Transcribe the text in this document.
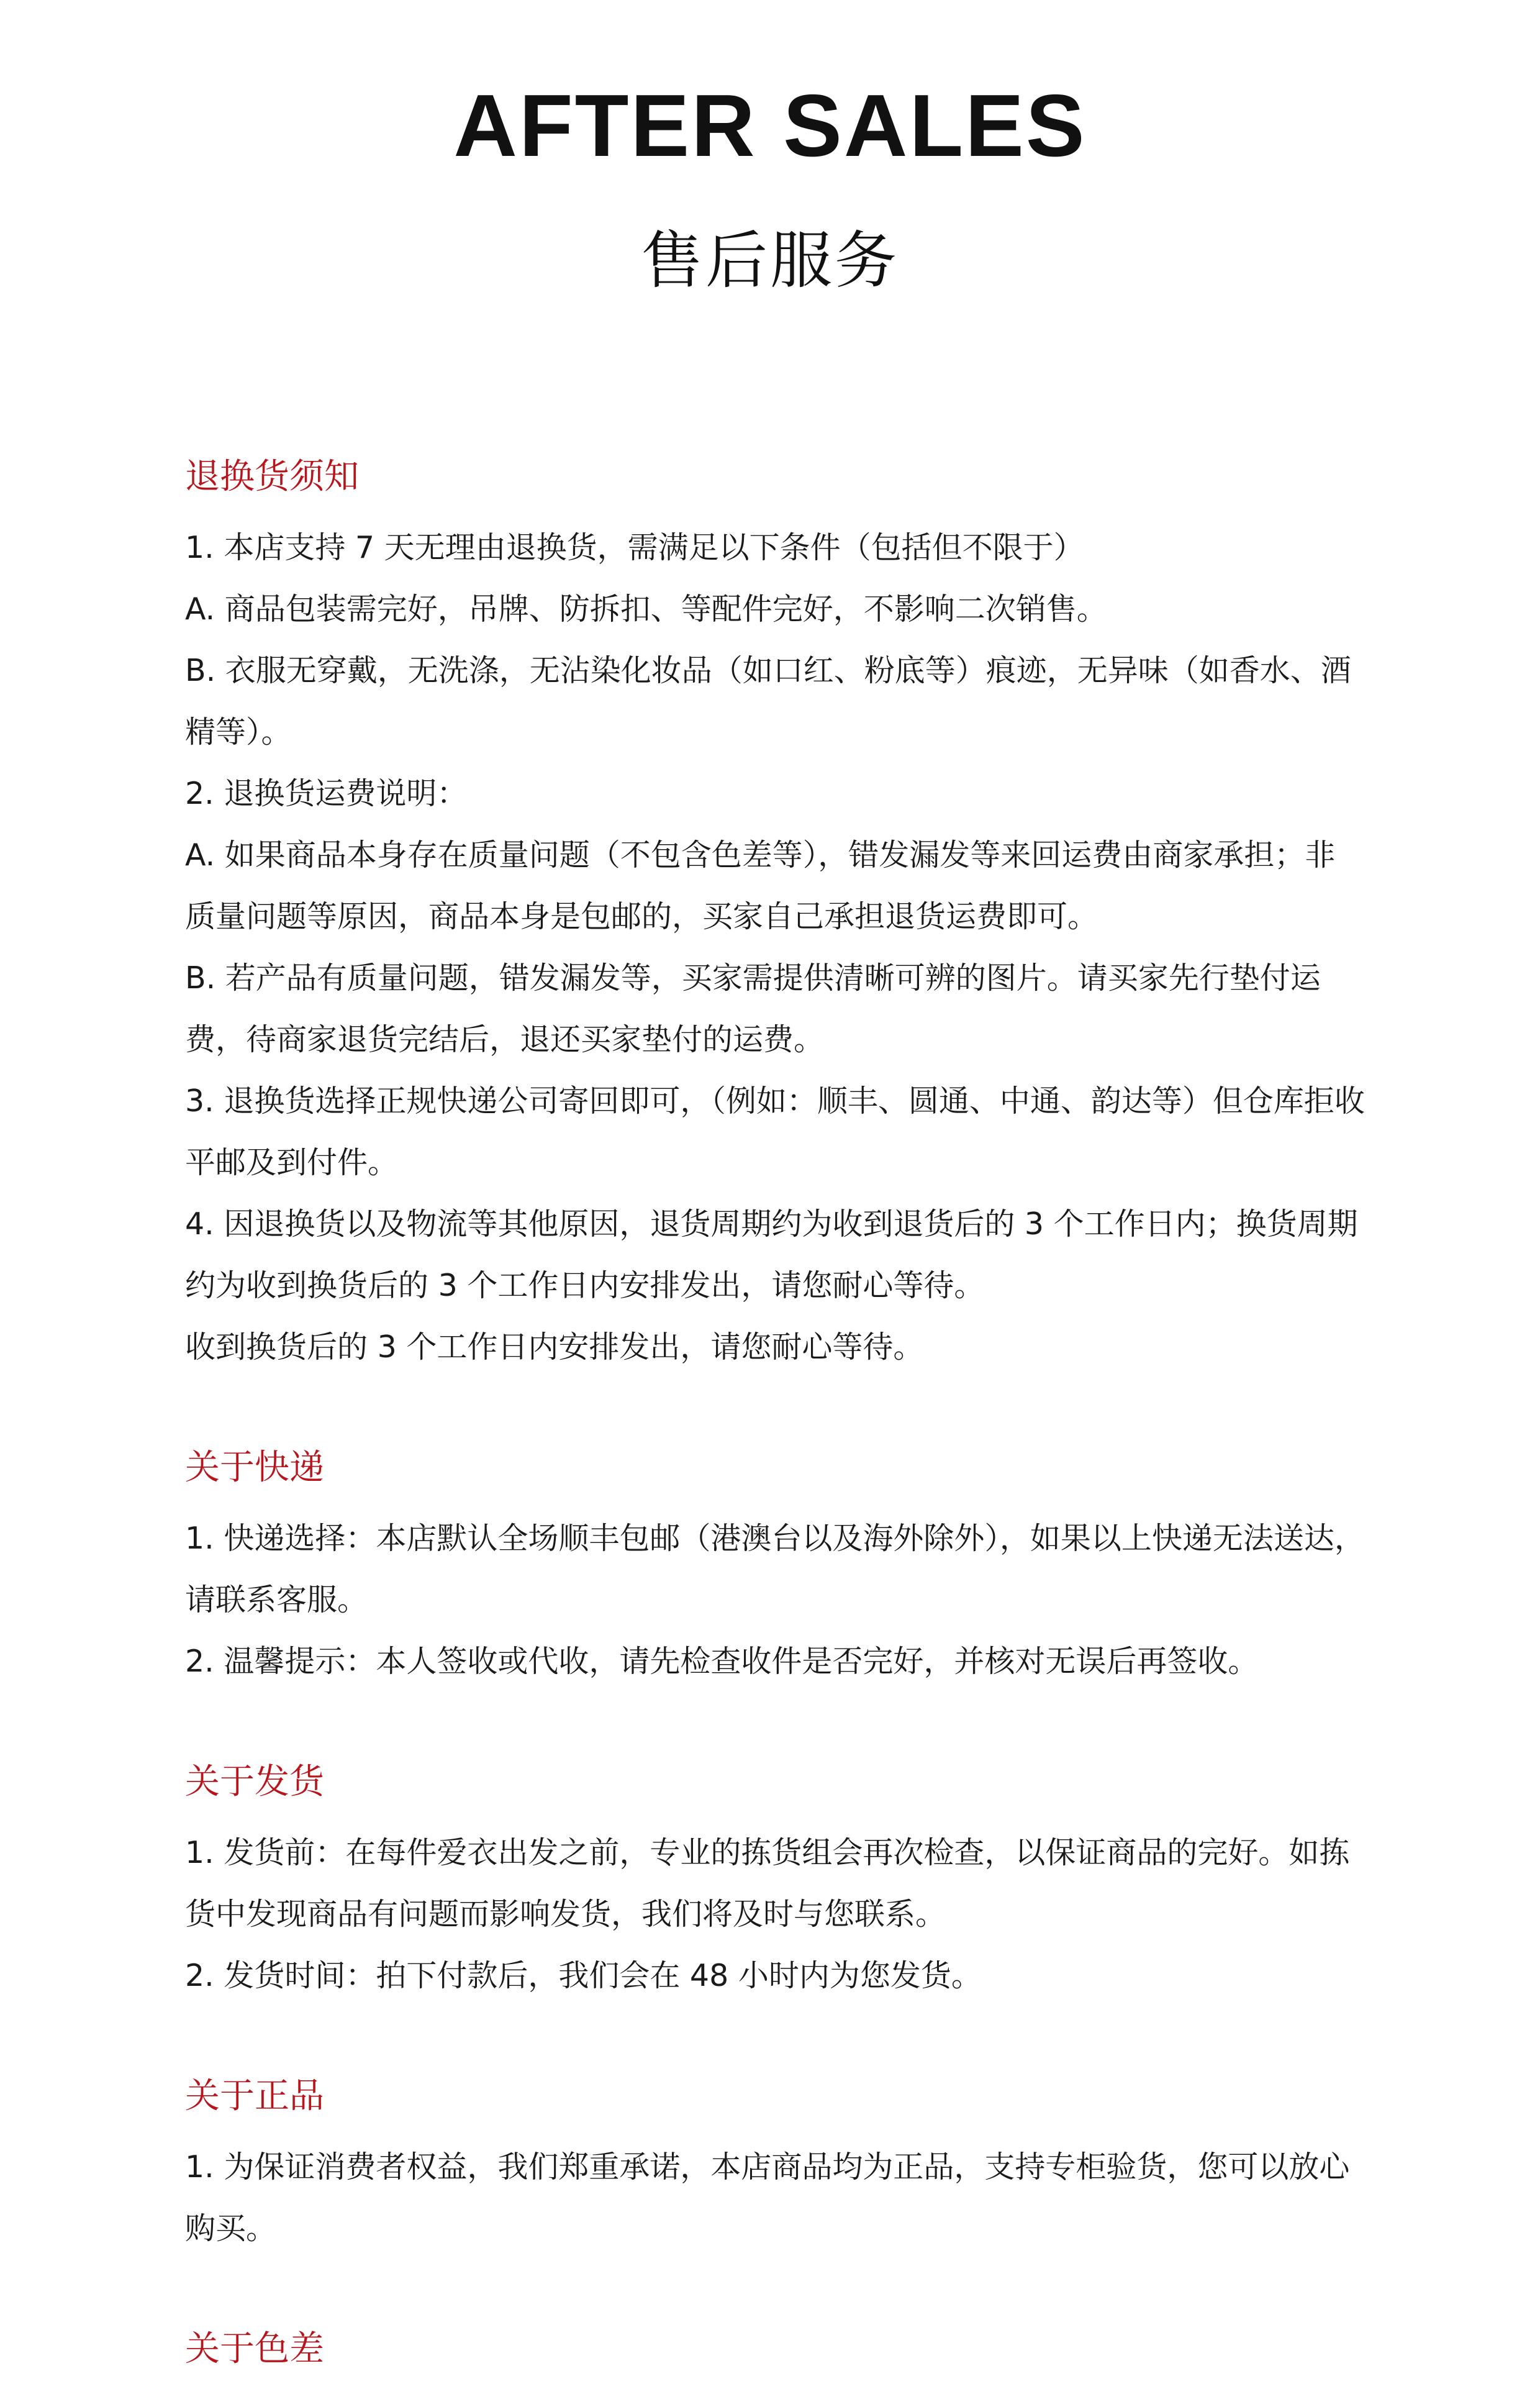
AFTER SALES
售后服务
退换货须知

1. 本店支持 7 天无理由退换货，需满足以下条件（包括但不限于）

A. 商品包装需完好，吊牌、防拆扣、等配件完好，不影响二次销售。

B. 衣服无穿戴，无洗涤，无沾染化妆品（如口红、粉底等）痕迹，无异味（如香水、酒精等）。

2. 退换货运费说明：

A. 如果商品本身存在质量问题（不包含色差等），错发漏发等来回运费由商家承担；非质量问题等原因，商品本身是包邮的，买家自己承担退货运费即可。

B. 若产品有质量问题，错发漏发等，买家需提供清晰可辨的图片。请买家先行垫付运费，待商家退货完结后，退还买家垫付的运费。

3. 退换货选择正规快递公司寄回即可，（例如：顺丰、圆通、中通、韵达等）但仓库拒收平邮及到付件。

4. 因退换货以及物流等其他原因，退货周期约为收到退货后的 3 个工作日内；换货周期约为收到换货后的 3 个工作日内安排发出，请您耐心等待。

收到换货后的 3 个工作日内安排发出，请您耐心等待。

关于快递

1. 快递选择：本店默认全场顺丰包邮（港澳台以及海外除外），如果以上快递无法送达，请联系客服。

2. 温馨提示：本人签收或代收，请先检查收件是否完好，并核对无误后再签收。

关于发货

1. 发货前：在每件爱衣出发之前，专业的拣货组会再次检查，以保证商品的完好。如拣货中发现商品有问题而影响发货，我们将及时与您联系。

2. 发货时间：拍下付款后，我们会在 48 小时内为您发货。

关于正品

1. 为保证消费者权益，我们郑重承诺，本店商品均为正品，支持专柜验货，您可以放心购买。

关于色差
